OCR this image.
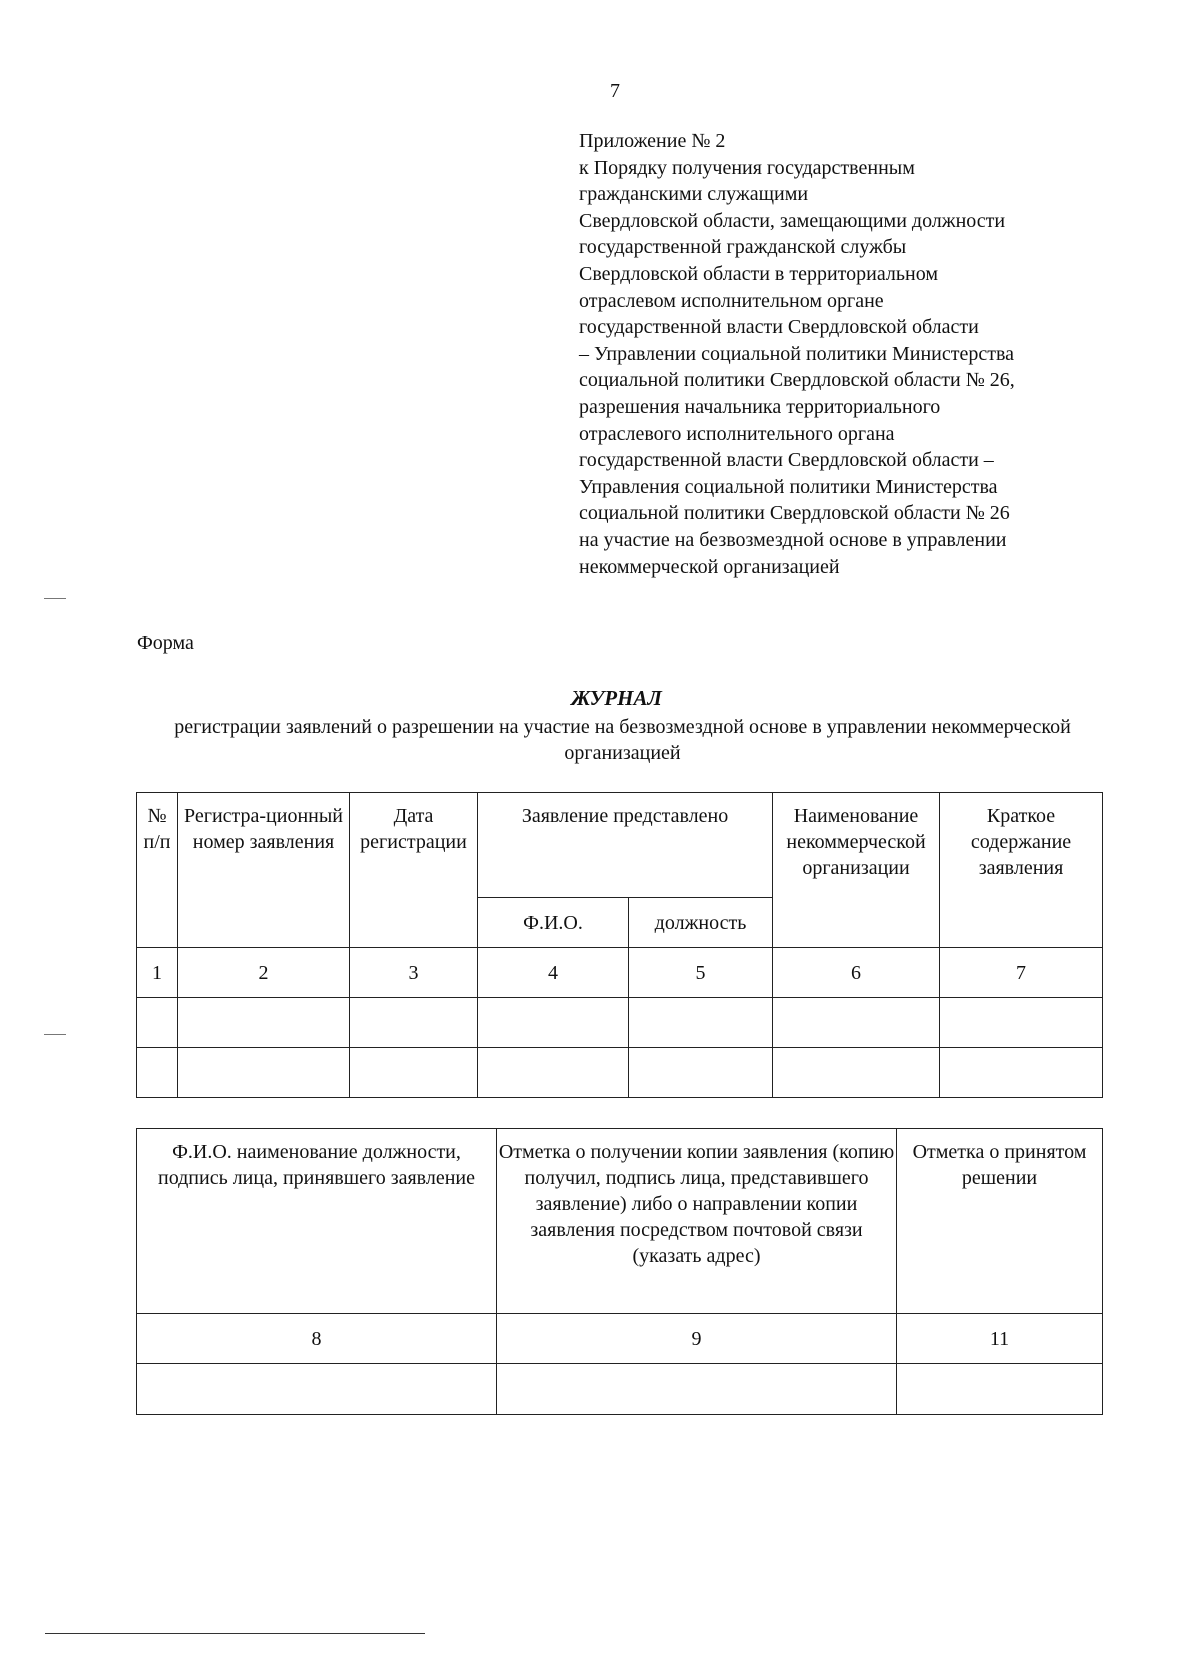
7
Приложение № 2
к Порядку получения государственным
гражданскими служащими
Свердловской области, замещающими должности
государственной гражданской службы
Свердловской области в территориальном
отраслевом исполнительном органе
государственной власти Свердловской области
– Управлении социальной политики Министерства
социальной политики Свердловской области № 26,
разрешения начальника территориального
отраслевого исполнительного органа
государственной власти Свердловской области –
Управления социальной политики Министерства
социальной политики Свердловской области № 26
на участие на безвозмездной основе в управлении
некоммерческой организацией
Форма
ЖУРНАЛ
регистрации заявлений о разрешении на участие на безвозмездной основе в управлении некоммерческой организацией
№ п/п	Регистра-ционный номер заявления	Дата регистрации	Заявление представлено		Наименование некоммерческой организации	Краткое содержание заявления
			Ф.И.О.	должность		
1	2	3	4	5	6	7

Ф.И.О. наименование должности, подпись лица, принявшего заявление	Отметка о получении копии заявления (копию получил, подпись лица, представившего заявление) либо о направлении копии заявления посредством почтовой связи (указать адрес)	Отметка о принятом решении
8	9	11
